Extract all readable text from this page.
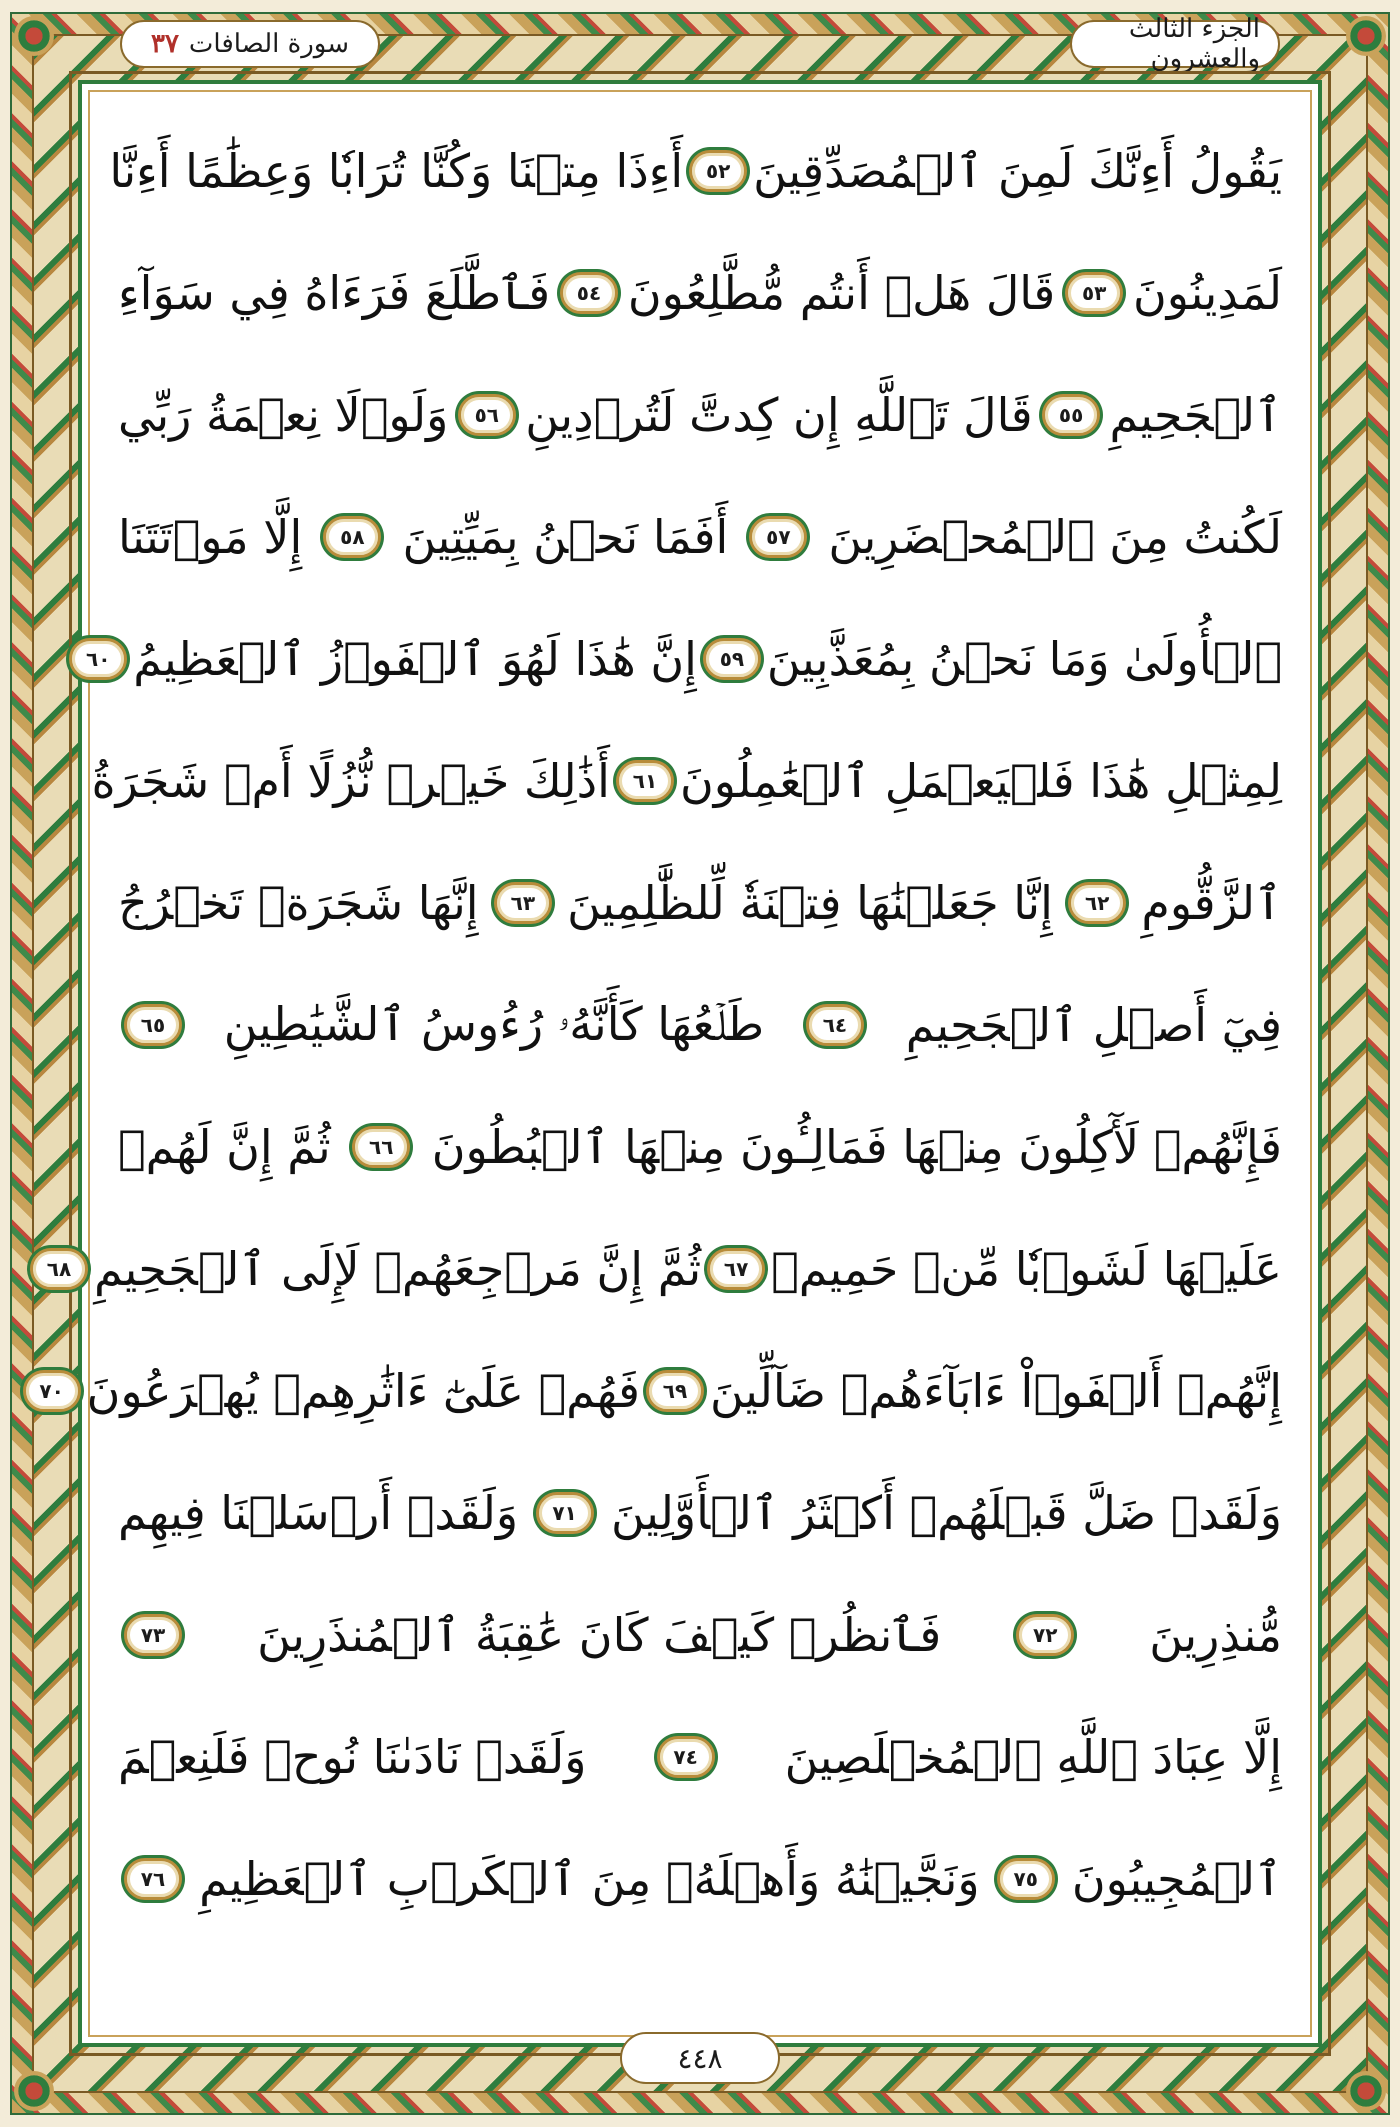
الجزء الثالث والعشرون
سورة الصافات
٣٧
يَقُولُ أَءِنَّكَ لَمِنَ ٱلۡمُصَدِّقِينَ
٥٢
أَءِذَا مِتۡنَا وَكُنَّا تُرَابٗا وَعِظَٰمًا أَءِنَّا
لَمَدِينُونَ
٥٣
قَالَ هَلۡ أَنتُم مُّطَّلِعُونَ
٥٤
فَٱطَّلَعَ فَرَءَاهُ فِي سَوَآءِ
ٱلۡجَحِيمِ
٥٥
قَالَ تَٱللَّهِ إِن كِدتَّ لَتُرۡدِينِ
٥٦
وَلَوۡلَا نِعۡمَةُ رَبِّي
لَكُنتُ مِنَ ٱلۡمُحۡضَرِينَ
٥٧
أَفَمَا نَحۡنُ بِمَيِّتِينَ
٥٨
إِلَّا مَوۡتَتَنَا
ٱلۡأُولَىٰ وَمَا نَحۡنُ بِمُعَذَّبِينَ
٥٩
إِنَّ هَٰذَا لَهُوَ ٱلۡفَوۡزُ ٱلۡعَظِيمُ
٦٠
لِمِثۡلِ هَٰذَا فَلۡيَعۡمَلِ ٱلۡعَٰمِلُونَ
٦١
أَذَٰلِكَ خَيۡرٞ نُّزُلًا أَمۡ شَجَرَةُ
ٱلزَّقُّومِ
٦٢
إِنَّا جَعَلۡنَٰهَا فِتۡنَةٗ لِّلظَّٰلِمِينَ
٦٣
إِنَّهَا شَجَرَةٞ تَخۡرُجُ
فِيٓ أَصۡلِ ٱلۡجَحِيمِ
٦٤
طَلۡعُهَا كَأَنَّهُۥ رُءُوسُ ٱلشَّيَٰطِينِ
٦٥
فَإِنَّهُمۡ لَأٓكِلُونَ مِنۡهَا فَمَالِـُٔونَ مِنۡهَا ٱلۡبُطُونَ
٦٦
ثُمَّ إِنَّ لَهُمۡ
عَلَيۡهَا لَشَوۡبٗا مِّنۡ حَمِيمٖ
٦٧
ثُمَّ إِنَّ مَرۡجِعَهُمۡ لَإِلَى ٱلۡجَحِيمِ
٦٨
إِنَّهُمۡ أَلۡفَوۡاْ ءَابَآءَهُمۡ ضَآلِّينَ
٦٩
فَهُمۡ عَلَىٰٓ ءَاثَٰرِهِمۡ يُهۡرَعُونَ
٧٠
وَلَقَدۡ ضَلَّ قَبۡلَهُمۡ أَكۡثَرُ ٱلۡأَوَّلِينَ
٧١
وَلَقَدۡ أَرۡسَلۡنَا فِيهِم
مُّنذِرِينَ
٧٢
فَٱنظُرۡ كَيۡفَ كَانَ عَٰقِبَةُ ٱلۡمُنذَرِينَ
٧٣
إِلَّا عِبَادَ ٱللَّهِ ٱلۡمُخۡلَصِينَ
٧٤
وَلَقَدۡ نَادَىٰنَا نُوحٞ فَلَنِعۡمَ
ٱلۡمُجِيبُونَ
٧٥
وَنَجَّيۡنَٰهُ وَأَهۡلَهُۥ مِنَ ٱلۡكَرۡبِ ٱلۡعَظِيمِ
٧٦
٤٤٨
